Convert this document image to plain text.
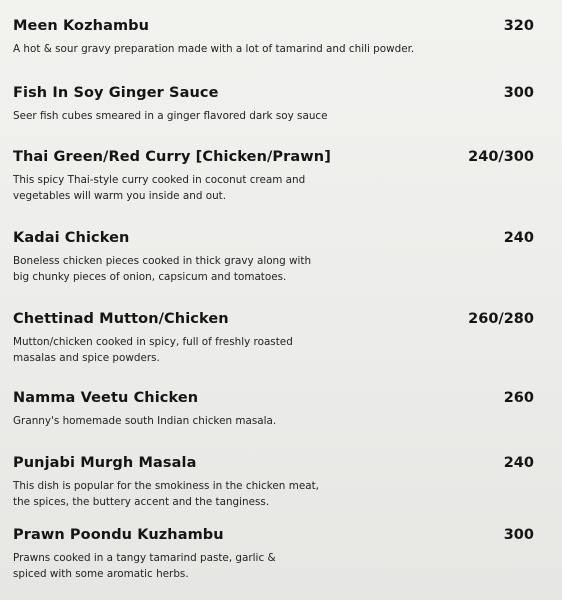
Meen Kozhambu	320
A hot & sour gravy preparation made with a lot of tamarind and chili powder.
Fish In Soy Ginger Sauce	300
Seer fish cubes smeared in a ginger flavored dark soy sauce
Thai Green/Red Curry [Chicken/Prawn]	240/300
This spicy Thai-style curry cooked in coconut cream and
vegetables will warm you inside and out.
Kadai Chicken	240
Boneless chicken pieces cooked in thick gravy along with
big chunky pieces of onion, capsicum and tomatoes.
Chettinad Mutton/Chicken	260/280
Mutton/chicken cooked in spicy, full of freshly roasted
masalas and spice powders.
Namma Veetu Chicken	260
Granny's homemade south Indian chicken masala.
Punjabi Murgh Masala	240
This dish is popular for the smokiness in the chicken meat,
the spices, the buttery accent and the tanginess.
Prawn Poondu Kuzhambu	300
Prawns cooked in a tangy tamarind paste, garlic &
spiced with some aromatic herbs.
